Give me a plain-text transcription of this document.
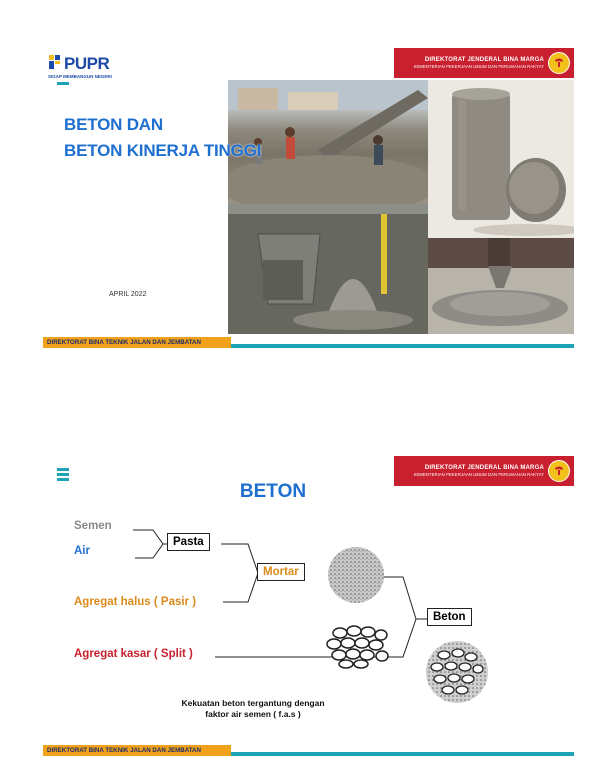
PUPR
SIGAP MEMBANGUN NEGERI
DIREKTORAT JENDERAL BINA MARGA
KEMENTERIAN PEKERJAAN UMUM DAN PERUMAHAN RAKYAT
BETON DAN
BETON KINERJA TINGGI
APRIL 2022
DIREKTORAT BINA TEKNIK JALAN DAN JEMBATAN
DIREKTORAT JENDERAL BINA MARGA
KEMENTERIAN PEKERJAAN UMUM DAN PERUMAHAN RAKYAT
BETON
Semen
Air
Pasta
Mortar
Agregat halus ( Pasir )
Agregat kasar ( Split )
Beton
Kekuatan beton tergantung dengan
faktor air semen ( f.a.s )
DIREKTORAT BINA TEKNIK JALAN DAN JEMBATAN
